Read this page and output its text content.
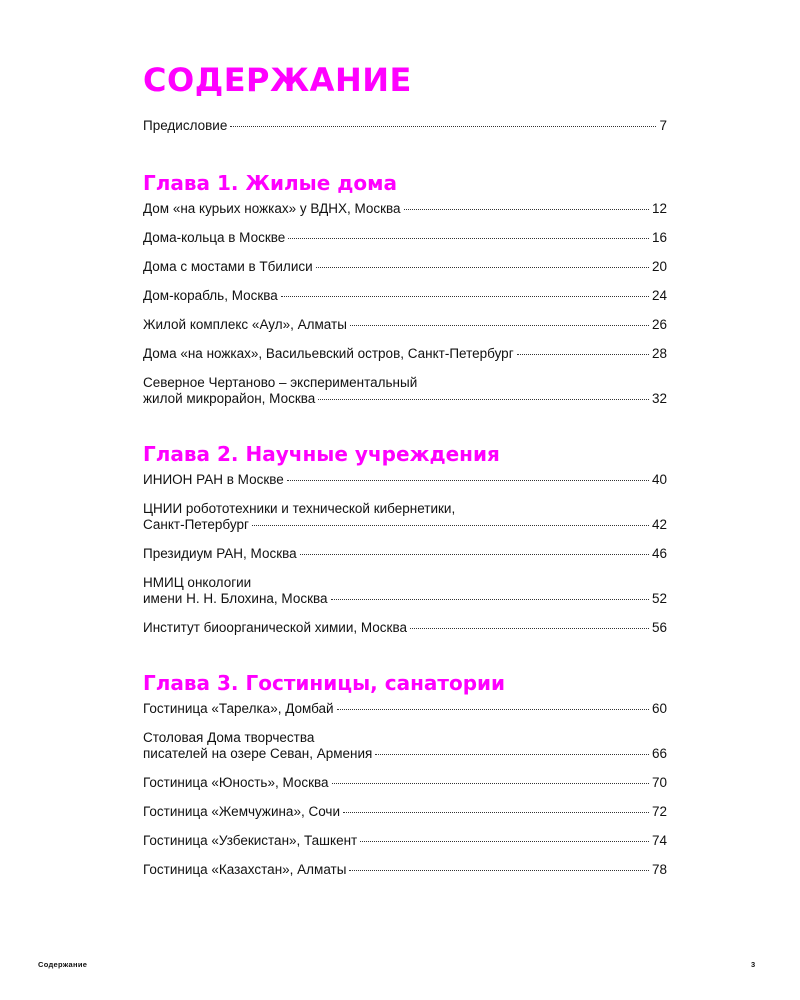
СОДЕРЖАНИЕ
Предисловие	7
Глава 1. Жилые дома
Дом «на курьих ножках» у ВДНХ, Москва	12
Дома-кольца в Москве	16
Дома с мостами в Тбилиси	20
Дом-корабль, Москва	24
Жилой комплекс «Аул», Алматы	26
Дома «на ножках», Васильевский остров, Санкт-Петербург	28
Северное Чертаново – экспериментальный
жилой микрорайон, Москва	32
Глава 2. Научные учреждения
ИНИОН РАН в Москве	40
ЦНИИ робототехники и технической кибернетики,
Санкт-Петербург	42
Президиум РАН, Москва	46
НМИЦ онкологии
имени Н. Н. Блохина, Москва	52
Институт биоорганической химии, Москва	56
Глава 3. Гостиницы, санатории
Гостиница «Тарелка», Домбай	60
Столовая Дома творчества
писателей на озере Севан, Армения	66
Гостиница «Юность», Москва	70
Гостиница «Жемчужина», Сочи	72
Гостиница «Узбекистан», Ташкент	74
Гостиница «Казахстан», Алматы	78
Содержание	3
